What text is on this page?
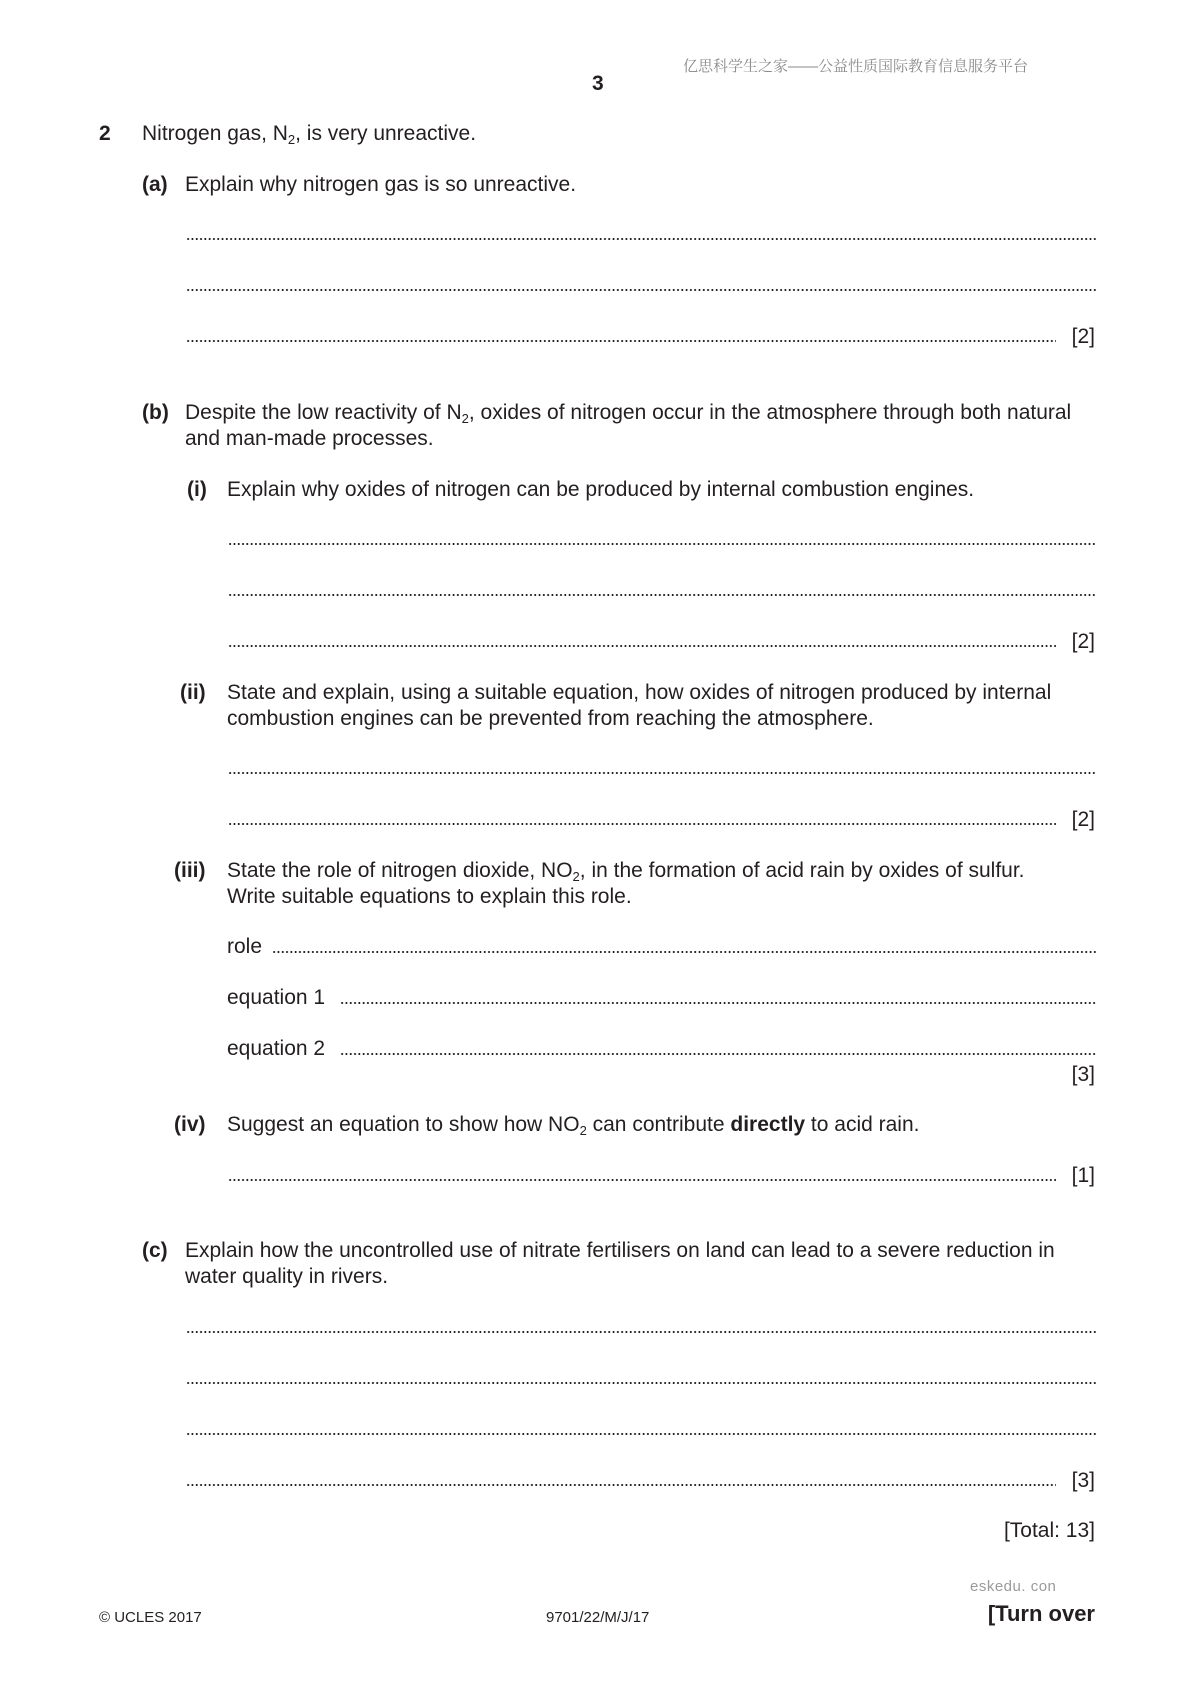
亿思科学生之家——公益性质国际教育信息服务平台
3
2 Nitrogen gas, $N_2$, is very unreactive.
(a) Explain why nitrogen gas is so unreactive.
[2]
(b) Despite the low reactivity of $N_2$, oxides of nitrogen occur in the atmosphere through both natural
and man-made processes.
(i) Explain why oxides of nitrogen can be produced by internal combustion engines.
[2]
(ii) State and explain, using a suitable equation, how oxides of nitrogen produced by internal
combustion engines can be prevented from reaching the atmosphere.
[2]
(iii) State the role of nitrogen dioxide, $NO_2$, in the formation of acid rain by oxides of sulfur.
Write suitable equations to explain this role.
role
equation 1
equation 2
[3]
(iv) Suggest an equation to show how $NO_2$ can contribute directly to acid rain.
[1]
(c) Explain how the uncontrolled use of nitrate fertilisers on land can lead to a severe reduction in
water quality in rivers.
[3]
[Total: 13]
eskedu. con
© UCLES 2017	9701/22/M/J/17	[Turn over
